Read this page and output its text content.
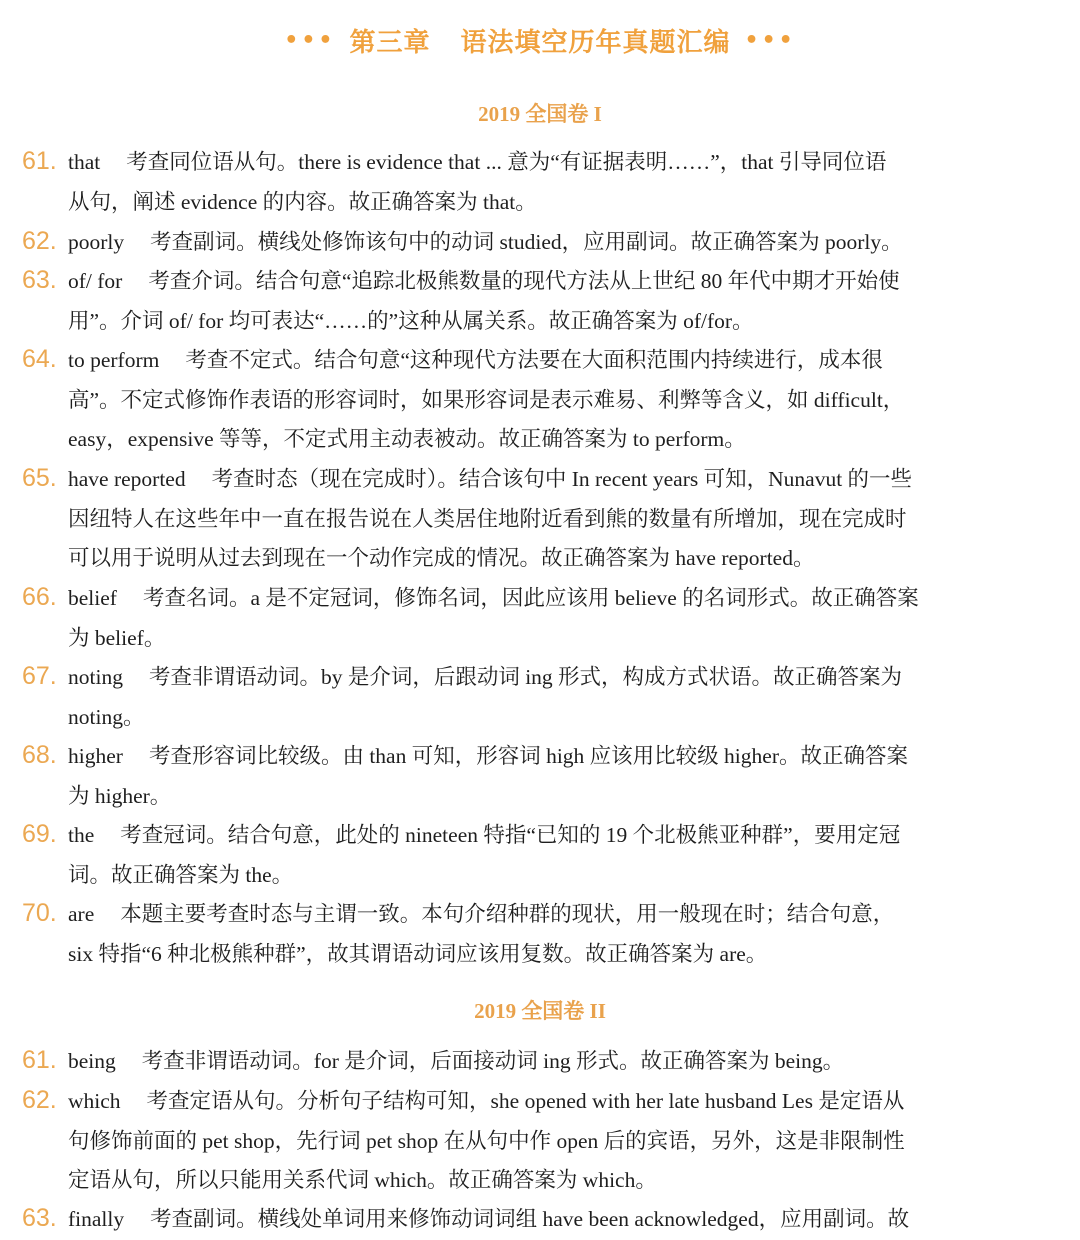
••• 第三章 语法填空历年真题汇编 •••
2019 全国卷 I
61. that 考查同位语从句。there is evidence that ... 意为“有证据表明……”，that 引导同位语
从句，阐述 evidence 的内容。故正确答案为 that。
62. poorly 考查副词。横线处修饰该句中的动词 studied，应用副词。故正确答案为 poorly。
63. of/ for 考查介词。结合句意“追踪北极熊数量的现代方法从上世纪 80 年代中期才开始使
用”。介词 of/ for 均可表达“……的”这种从属关系。故正确答案为 of/for。
64. to perform 考查不定式。结合句意“这种现代方法要在大面积范围内持续进行，成本很
高”。不定式修饰作表语的形容词时，如果形容词是表示难易、利弊等含义，如 difficult，
easy，expensive 等等，不定式用主动表被动。故正确答案为 to perform。
65. have reported 考查时态（现在完成时）。结合该句中 In recent years 可知，Nunavut 的一些
因纽特人在这些年中一直在报告说在人类居住地附近看到熊的数量有所增加，现在完成时
可以用于说明从过去到现在一个动作完成的情况。故正确答案为 have reported。
66. belief 考查名词。a 是不定冠词，修饰名词，因此应该用 believe 的名词形式。故正确答案
为 belief。
67. noting 考查非谓语动词。by 是介词，后跟动词 ing 形式，构成方式状语。故正确答案为
noting。
68. higher 考查形容词比较级。由 than 可知，形容词 high 应该用比较级 higher。故正确答案
为 higher。
69. the 考查冠词。结合句意，此处的 nineteen 特指“已知的 19 个北极熊亚种群”，要用定冠
词。故正确答案为 the。
70. are 本题主要考查时态与主谓一致。本句介绍种群的现状，用一般现在时；结合句意，
six 特指“6 种北极熊种群”，故其谓语动词应该用复数。故正确答案为 are。
2019 全国卷 II
61. being 考查非谓语动词。for 是介词，后面接动词 ing 形式。故正确答案为 being。
62. which 考查定语从句。分析句子结构可知，she opened with her late husband Les 是定语从
句修饰前面的 pet shop，先行词 pet shop 在从句中作 open 后的宾语，另外，这是非限制性
定语从句，所以只能用关系代词 which。故正确答案为 which。
63. finally 考查副词。横线处单词用来修饰动词词组 have been acknowledged，应用副词。故
